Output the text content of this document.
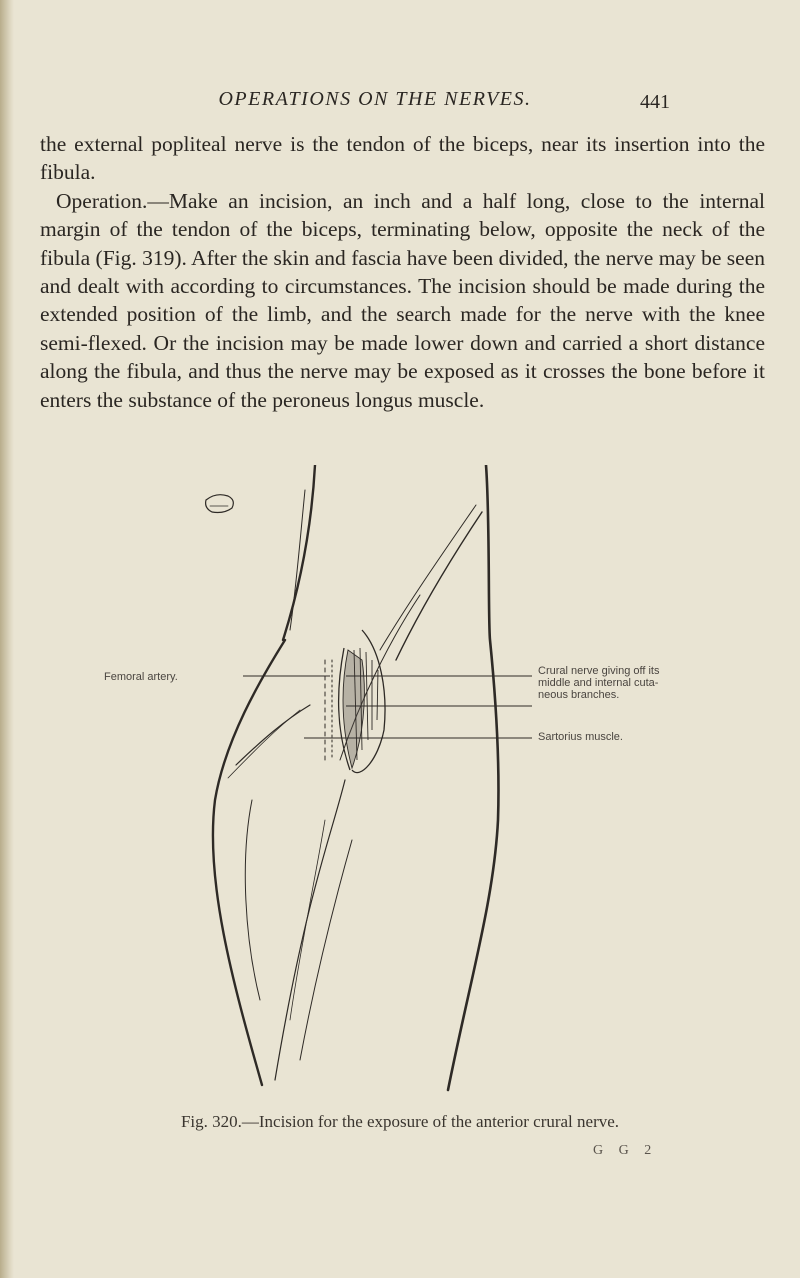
OPERATIONS ON THE NERVES.	441

the external popliteal nerve is the tendon of the biceps, near its insertion into the fibula.

Operation.—Make an incision, an inch and a half long, close to the internal margin of the tendon of the biceps, terminating below, opposite the neck of the fibula (Fig. 319). After the skin and fascia have been divided, the nerve may be seen and dealt with according to circumstances. The incision should be made during the extended position of the limb, and the search made for the nerve with the knee semi-flexed. Or the incision may be made lower down and carried a short distance along the fibula, and thus the nerve may be exposed as it crosses the bone before it enters the substance of the peroneus longus muscle.

Femoral artery.	Crural nerve giving off its
middle and internal cuta-
neous branches.
Sartorius muscle.
Fig. 320.—Incision for the exposure of the anterior crural nerve.
G G 2
